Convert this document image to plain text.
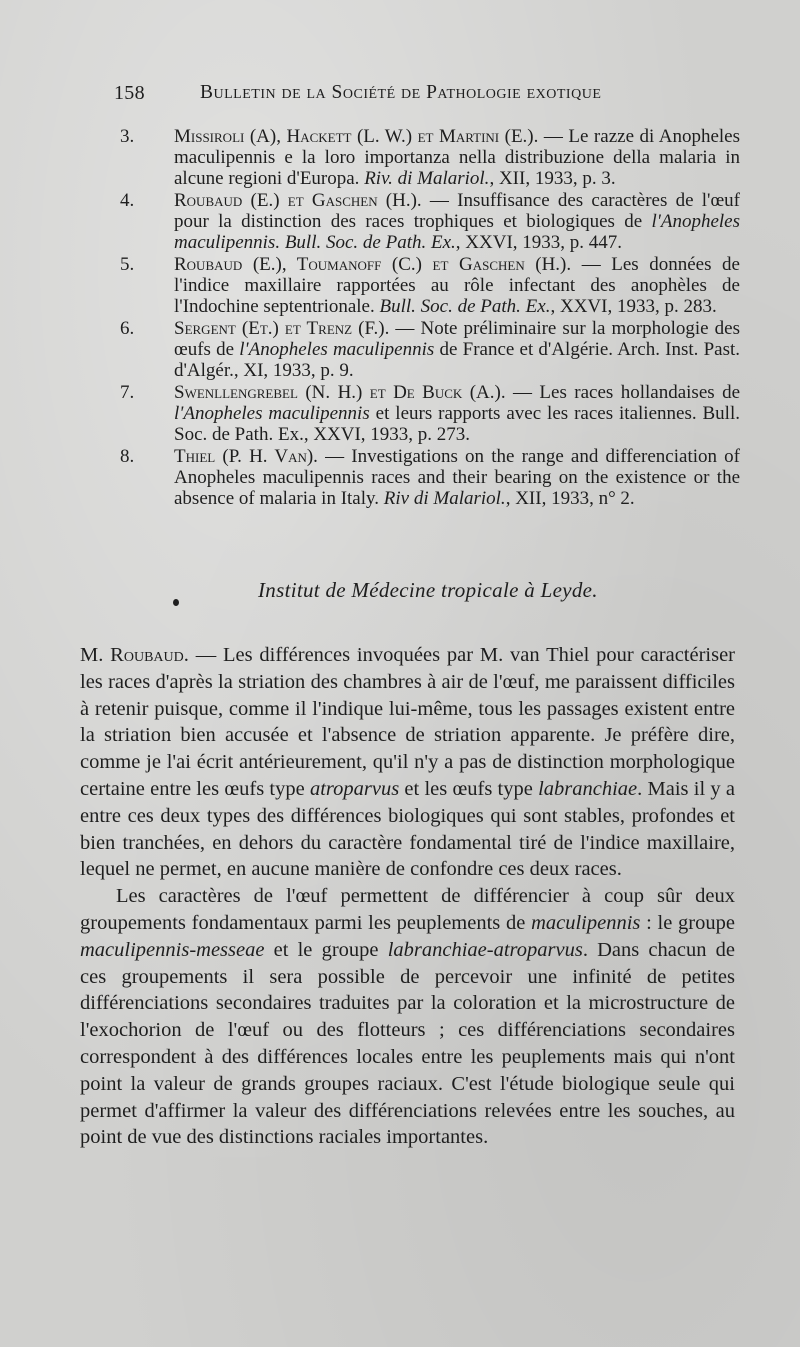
158	Bulletin de la Société de Pathologie exotique
3. Missiroli (A), Hackett (L. W.) et Martini (E.). — Le razze di Anopheles maculipennis e la loro importanza nella distribuzione della malaria in alcune regioni d'Europa. Riv. di Malariol., XII, 1933, p. 3.
4. Roubaud (E.) et Gaschen (H.). — Insuffisance des caractères de l'œuf pour la distinction des races trophiques et biologiques de l'Anopheles maculipennis. Bull. Soc. de Path. Ex., XXVI, 1933, p. 447.
5. Roubaud (E.), Toumanoff (C.) et Gaschen (H.). — Les données de l'indice maxillaire rapportées au rôle infectant des anophèles de l'Indochine septentrionale. Bull. Soc. de Path. Ex., XXVI, 1933, p. 283.
6. Sergent (Et.) et Trenz (F.). — Note préliminaire sur la morphologie des œufs de l'Anopheles maculipennis de France et d'Algérie. Arch. Inst. Past. d'Algér., XI, 1933, p. 9.
7. Swenllengrebel (N. H.) et De Buck (A.). — Les races hollandaises de l'Anopheles maculipennis et leurs rapports avec les races italiennes. Bull. Soc. de Path. Ex., XXVI, 1933, p. 273.
8. Thiel (P. H. Van). — Investigations on the range and differenciation of Anopheles maculipennis races and their bearing on the existence or the absence of malaria in Italy. Riv di Malariol., XII, 1933, n° 2.
Institut de Médecine tropicale à Leyde.

M. Roubaud. — Les différences invoquées par M. van Thiel pour caractériser les races d'après la striation des chambres à air de l'œuf, me paraissent difficiles à retenir puisque, comme il l'indique lui-même, tous les passages existent entre la striation bien accusée et l'absence de striation apparente. Je préfère dire, comme je l'ai écrit antérieurement, qu'il n'y a pas de distinction morphologique certaine entre les œufs type atroparvus et les œufs type labranchiae. Mais il y a entre ces deux types des différences biologiques qui sont stables, profondes et bien tranchées, en dehors du caractère fondamental tiré de l'indice maxillaire, lequel ne permet, en aucune manière de confondre ces deux races.

Les caractères de l'œuf permettent de différencier à coup sûr deux groupements fondamentaux parmi les peuplements de maculipennis : le groupe maculipennis-messeae et le groupe labranchiae-atroparvus. Dans chacun de ces groupements il sera possible de percevoir une infinité de petites différenciations secondaires traduites par la coloration et la microstructure de l'exochorion de l'œuf ou des flotteurs ; ces différenciations secondaires correspondent à des différences locales entre les peuplements mais qui n'ont point la valeur de grands groupes raciaux. C'est l'étude biologique seule qui permet d'affirmer la valeur des différenciations relevées entre les souches, au point de vue des distinctions raciales importantes.
